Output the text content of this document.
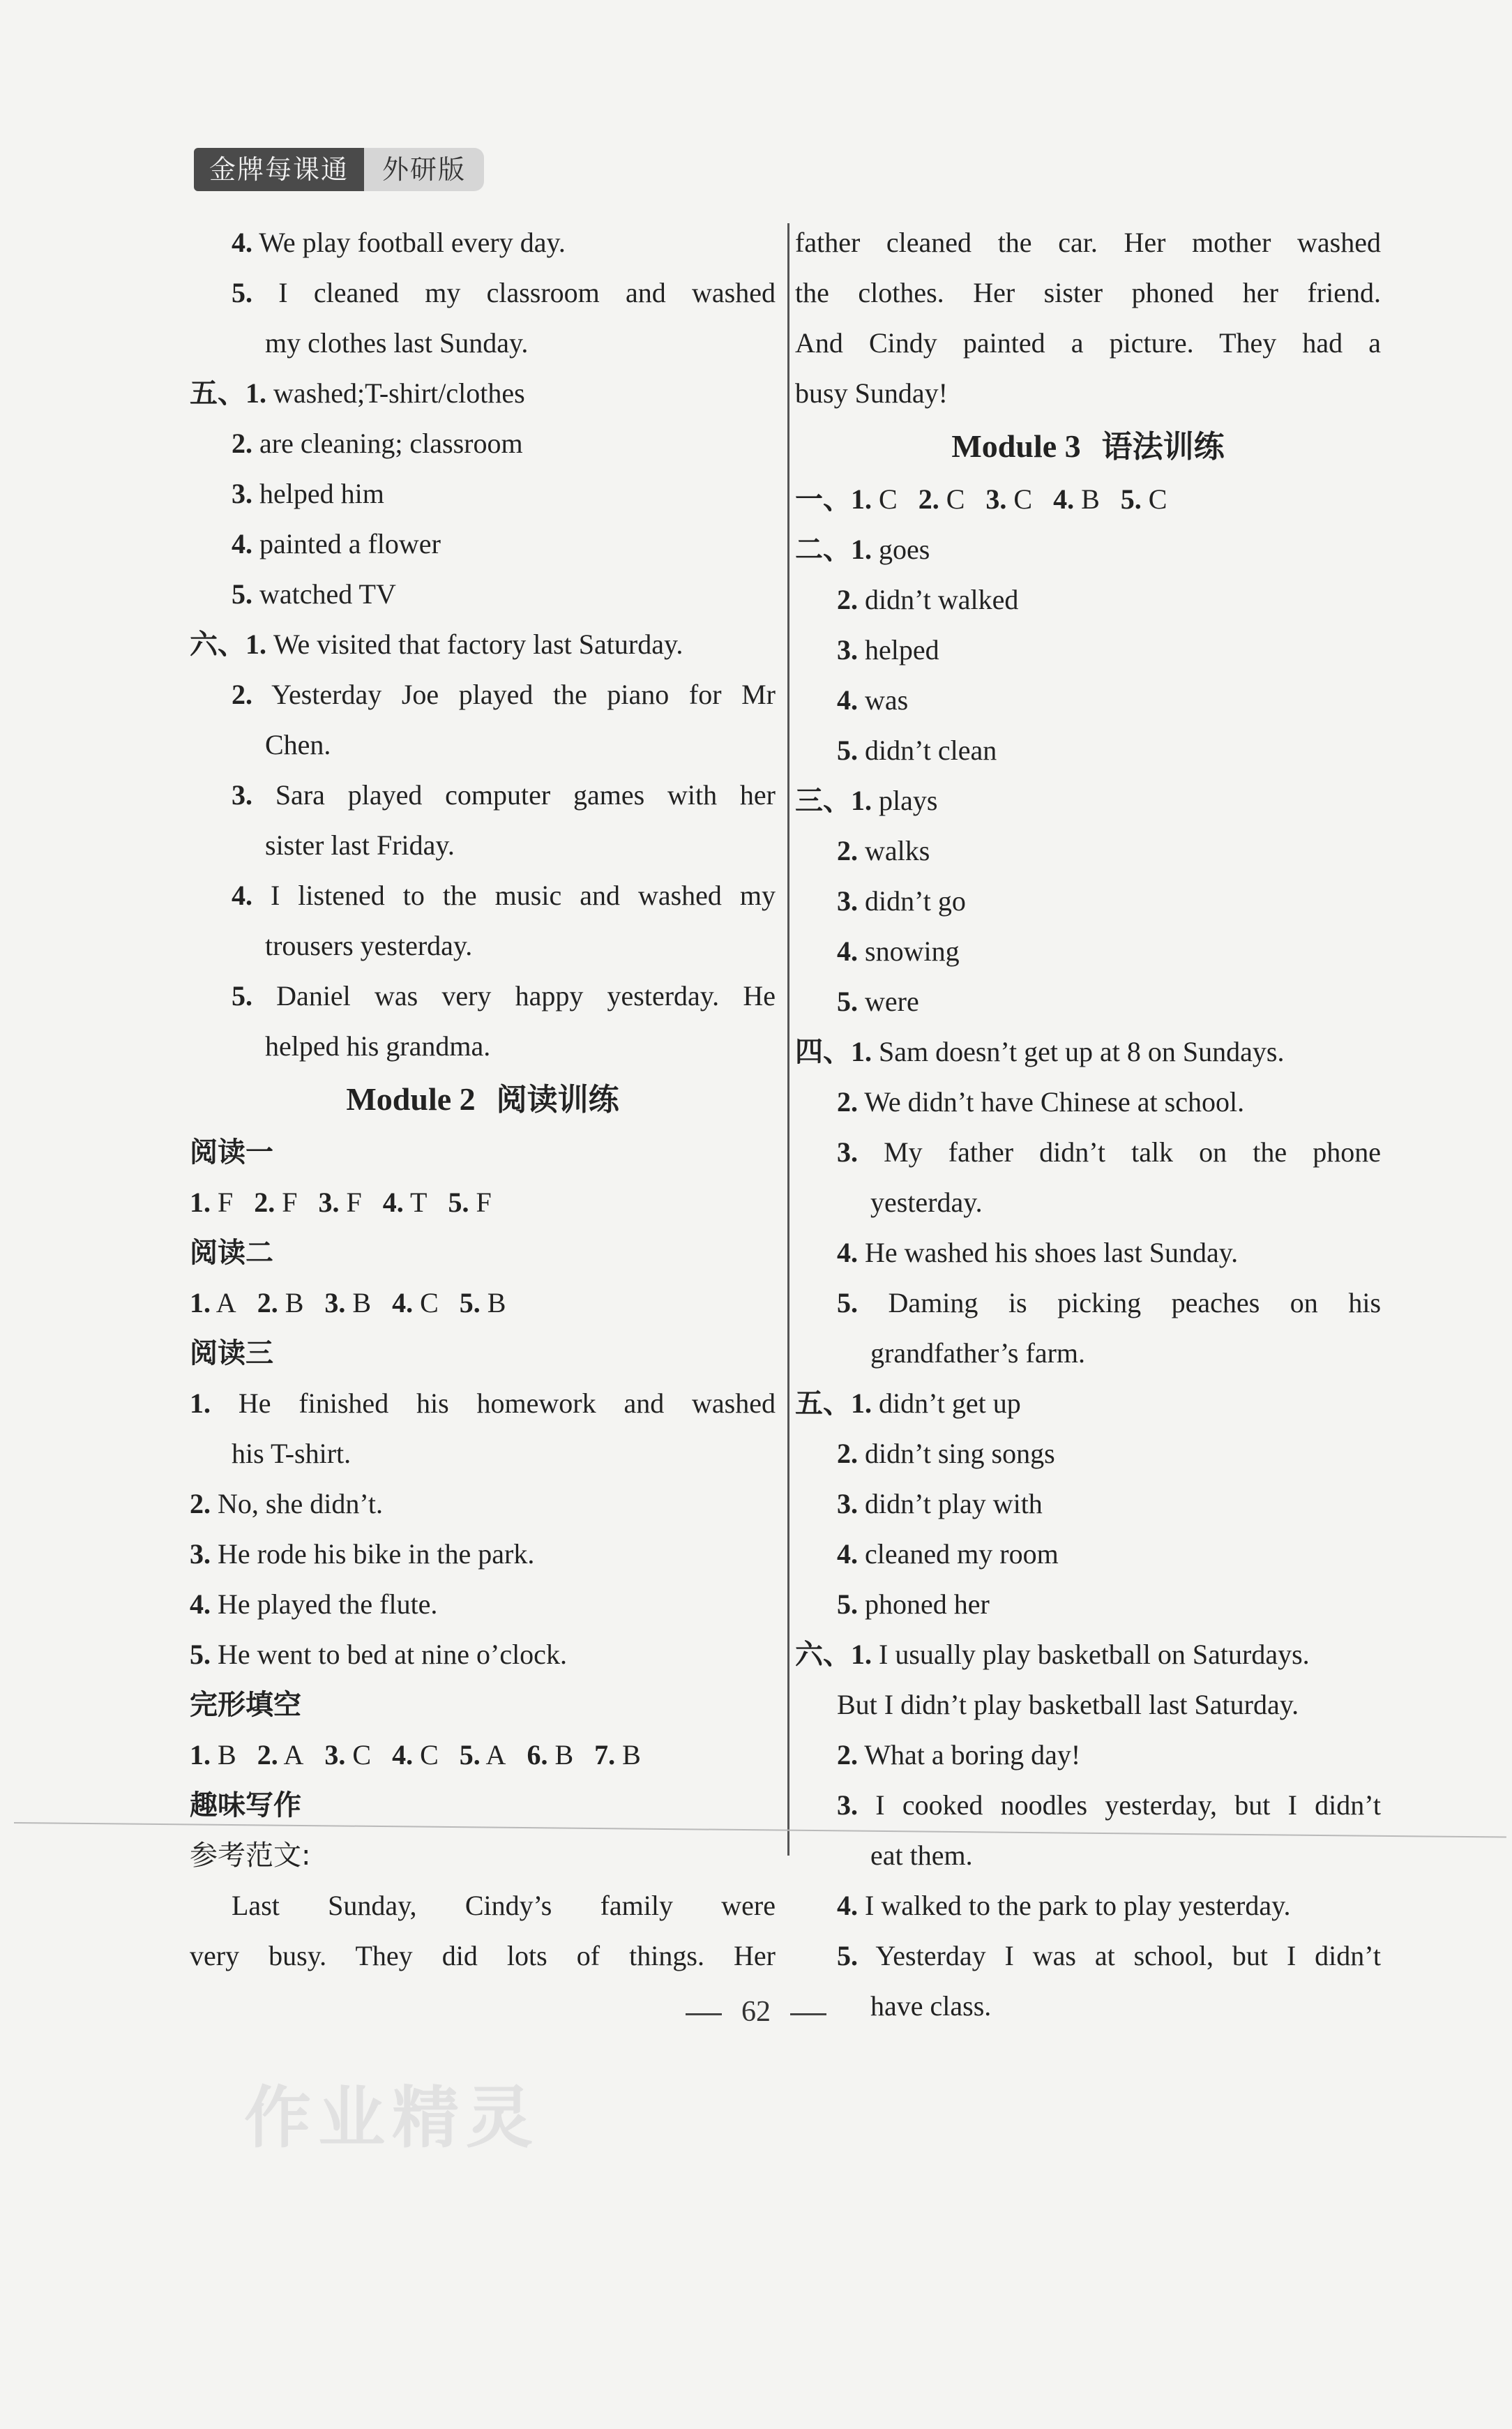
金牌每课通	外研版
4. We play football every day.
5. I cleaned my classroom and washed
my clothes last Sunday.
五、1. washed;T-shirt/clothes
2. are cleaning; classroom
3. helped him
4. painted a flower
5. watched TV
六、1. We visited that factory last Saturday.
2. Yesterday Joe played the piano for Mr
Chen.
3. Sara played computer games with her
sister last Friday.
4. I listened to the music and washed my
trousers yesterday.
5. Daniel was very happy yesterday. He
helped his grandma.
Module 2 阅读训练
阅读一
1. F 2. F 3. F 4. T 5. F
阅读二
1. A 2. B 3. B 4. C 5. B
阅读三
1. He finished his homework and washed
his T-shirt.
2. No, she didn’t.
3. He rode his bike in the park.
4. He played the flute.
5. He went to bed at nine o’clock.
完形填空
1. B 2. A 3. C 4. C 5. A 6. B 7. B
趣味写作
参考范文:
Last Sunday, Cindy’s family were
very busy. They did lots of things. Her
father cleaned the car. Her mother washed
the clothes. Her sister phoned her friend.
And Cindy painted a picture. They had a
busy Sunday!
Module 3 语法训练
一、1. C 2. C 3. C 4. B 5. C
二、1. goes
2. didn’t walked
3. helped
4. was
5. didn’t clean
三、1. plays
2. walks
3. didn’t go
4. snowing
5. were
四、1. Sam doesn’t get up at 8 on Sundays.
2. We didn’t have Chinese at school.
3. My father didn’t talk on the phone
yesterday.
4. He washed his shoes last Sunday.
5. Daming is picking peaches on his
grandfather’s farm.
五、1. didn’t get up
2. didn’t sing songs
3. didn’t play with
4. cleaned my room
5. phoned her
六、1. I usually play basketball on Saturdays.
But I didn’t play basketball last Saturday.
2. What a boring day!
3. I cooked noodles yesterday, but I didn’t
eat them.
4. I walked to the park to play yesterday.
5. Yesterday I was at school, but I didn’t
have class.
62
作业精灵
